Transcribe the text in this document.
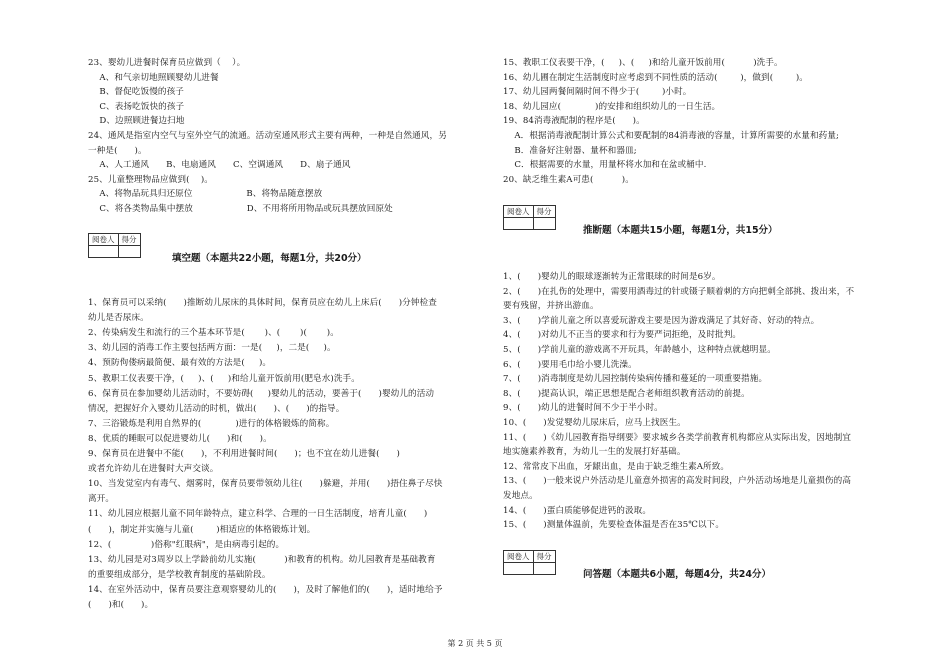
23、婴幼儿进餐时保育员应做到（    ）。
A、和气亲切地照顾婴幼儿进餐
B、督促吃饭慢的孩子
C、表扬吃饭快的孩子
D、边照顾进餐边扫地
24、通风是指室内空气与室外空气的流通。活动室通风形式主要有两种，一种是自然通风，另
一种是(      )。
A、人工通风      B、电扇通风      C、空调通风      D、扇子通风
25、儿童整理物品应做到(    )。
A、将物品玩具归还原位                   B、将物品随意摆放
C、将各类物品集中摆放                   D、不用将所用物品或玩具摆放回原处
阅卷人	得分

填空题（本题共22小题，每题1分，共20分）
1、保育员可以采纳(      )推断幼儿尿床的具体时间，保育员应在幼儿上床后(      )分钟检查
幼儿是否尿床。
2、传染病发生和流行的三个基本环节是(       )、(       )(       )。
3、幼儿园的消毒工作主要包括两方面：一是(     )，二是(     )。
4、预防佝偻病最简便、最有效的方法是(     )。
5、教职工仪表要干净，(     )、(     )和给儿童开饭前用(肥皂水)洗手。
6、保育员在参加婴幼儿活动时，不要妨碍(     )婴幼儿的活动，要善于(      )婴幼儿的活动
情况，把握好介入婴幼儿活动的时机，做出(      )、(      )的指导。
7、三浴锻炼是利用自然界的(            )进行的体格锻炼的简称。
8、优质的睡眠可以促进婴幼儿(      )和(      )。
9、保育员在进餐中不能(      )，不利用进餐时间(      )；也不宜在幼儿进餐(      )
或者允许幼儿在进餐时大声交谈。
10、当发觉室内有毒气、烟雾时，保育员要带领幼儿往(      )躲避，并用(      )捂住鼻子尽快
离开。
11、幼儿园应根据儿童不同年龄特点，建立科学、合理的一日生活制度，培育儿童(      )
(      )，制定并实施与儿童(        )相适应的体格锻炼计划。
12、(              )俗称"红眼病"，是由病毒引起的。
13、幼儿园是对3周岁以上学龄前幼儿实施(          )和教育的机构。幼儿园教育是基础教育
的重要组成部分，是学校教育制度的基础阶段。
14、在室外活动中，保育员要注意观察婴幼儿的(      )，及时了解他们的(      )，适时地给予
(      )和(      )。
15、教职工仪表要干净，(     )、(     )和给儿童开饭前用(          )洗手。
16、幼儿圃在制定生活制度时应考虑到不同性质的活动(        )，做到(        )。
17、幼儿园两餐间隔时间不得少于(        )小时。
18、幼儿园应(            )的安排和组织幼儿的一日生活。
19、84消毒液配制的程序是(      )。
A．根据消毒液配制计算公式和要配制的84消毒液的容量，计算所需要的水量和药量;
B．准备好注射器、量杯和器皿;
C．根据需要的水量，用量杯将水加和在盆或桶中.
20、缺乏维生素A可患(          )。
阅卷人	得分

推断题（本题共15小题，每题1分，共15分）
1、(      )婴幼儿的眼球逐渐转为正常眼球的时间是6岁。
2、(      )在扎伤的处理中，需要用酒毒过的针或镊子顺着刺的方向把刺全部挑、拨出来，不
要有残留，并挤出游血。
3、(      )学前儿童之所以喜爱玩游戏主要是因为游戏满足了其好奇、好动的特点。
4、(      )对幼儿不正当的要求和行为要严词拒绝，及时批判。
5、(      )学前儿童的游戏离不开玩具，年龄越小，这种特点就越明显。
6、(      )要用毛巾给小婴儿洗澡。
7、(      )消毒制度是幼儿园控制传染病传播和蔓延的一项重要措施。
8、(      )提高认识，端正思想是配合老师组织教育活动的前提。
9、(      )幼儿的进餐时间不少于半小时。
10、(      )发觉婴幼儿尿床后，应马上找医生。
11、(      )《幼儿园教育指导纲要》要求城乡各类学前教育机构都应从实际出发，因地制宜
地实施素养教育，为幼儿一生的发展打好基础。
12、常常皮下出血，牙龈出血，是由于缺乏维生素A所致。
13、(      )一般来说户外活动是儿童意外损害的高发时间段，户外活动场地是儿童损伤的高
发地点。
14、(      )蛋白质能够促进钙的汲取。
15、(      )测量体温前，先要检查体温是否在35℃以下。
阅卷人	得分

问答题（本题共6小题，每题4分，共24分）
第 2 页 共 5 页
